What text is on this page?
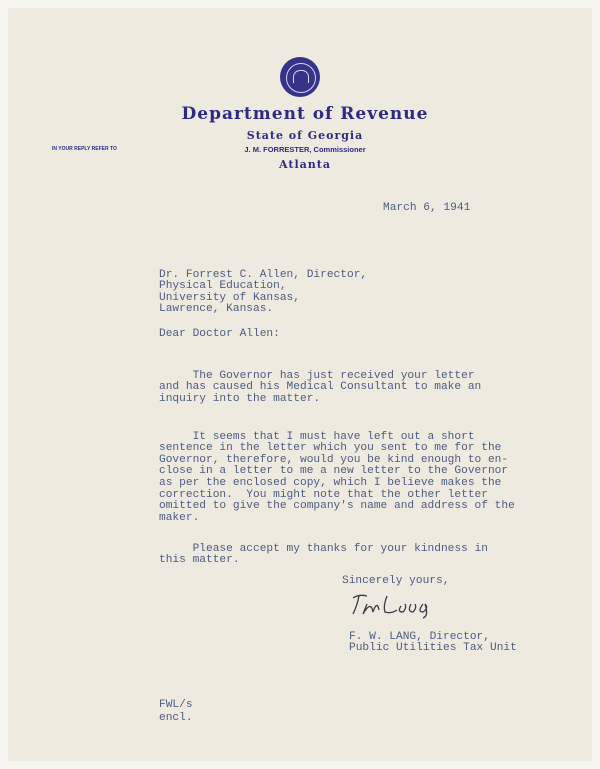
Department of Revenue
State of Georgia
J. M. FORRESTER, Commissioner
Atlanta
IN YOUR REPLY REFER TO
March 6, 1941

Dr. Forrest C. Allen, Director,
Physical Education,
University of Kansas,
Lawrence, Kansas.

Dear Doctor Allen:

The Governor has just received your letter
and has caused his Medical Consultant to make an
inquiry into the matter.

It seems that I must have left out a short
sentence in the letter which you sent to me for the
Governor, therefore, would you be kind enough to en-
close in a letter to me a new letter to the Governor
as per the enclosed copy, which I believe makes the
correction.  You might note that the other letter
omitted to give the company's name and address of the
maker.

Please accept my thanks for your kindness in
this matter.

Sincerely yours,

F. W. LANG, Director,
Public Utilities Tax Unit

FWL/s
encl.
